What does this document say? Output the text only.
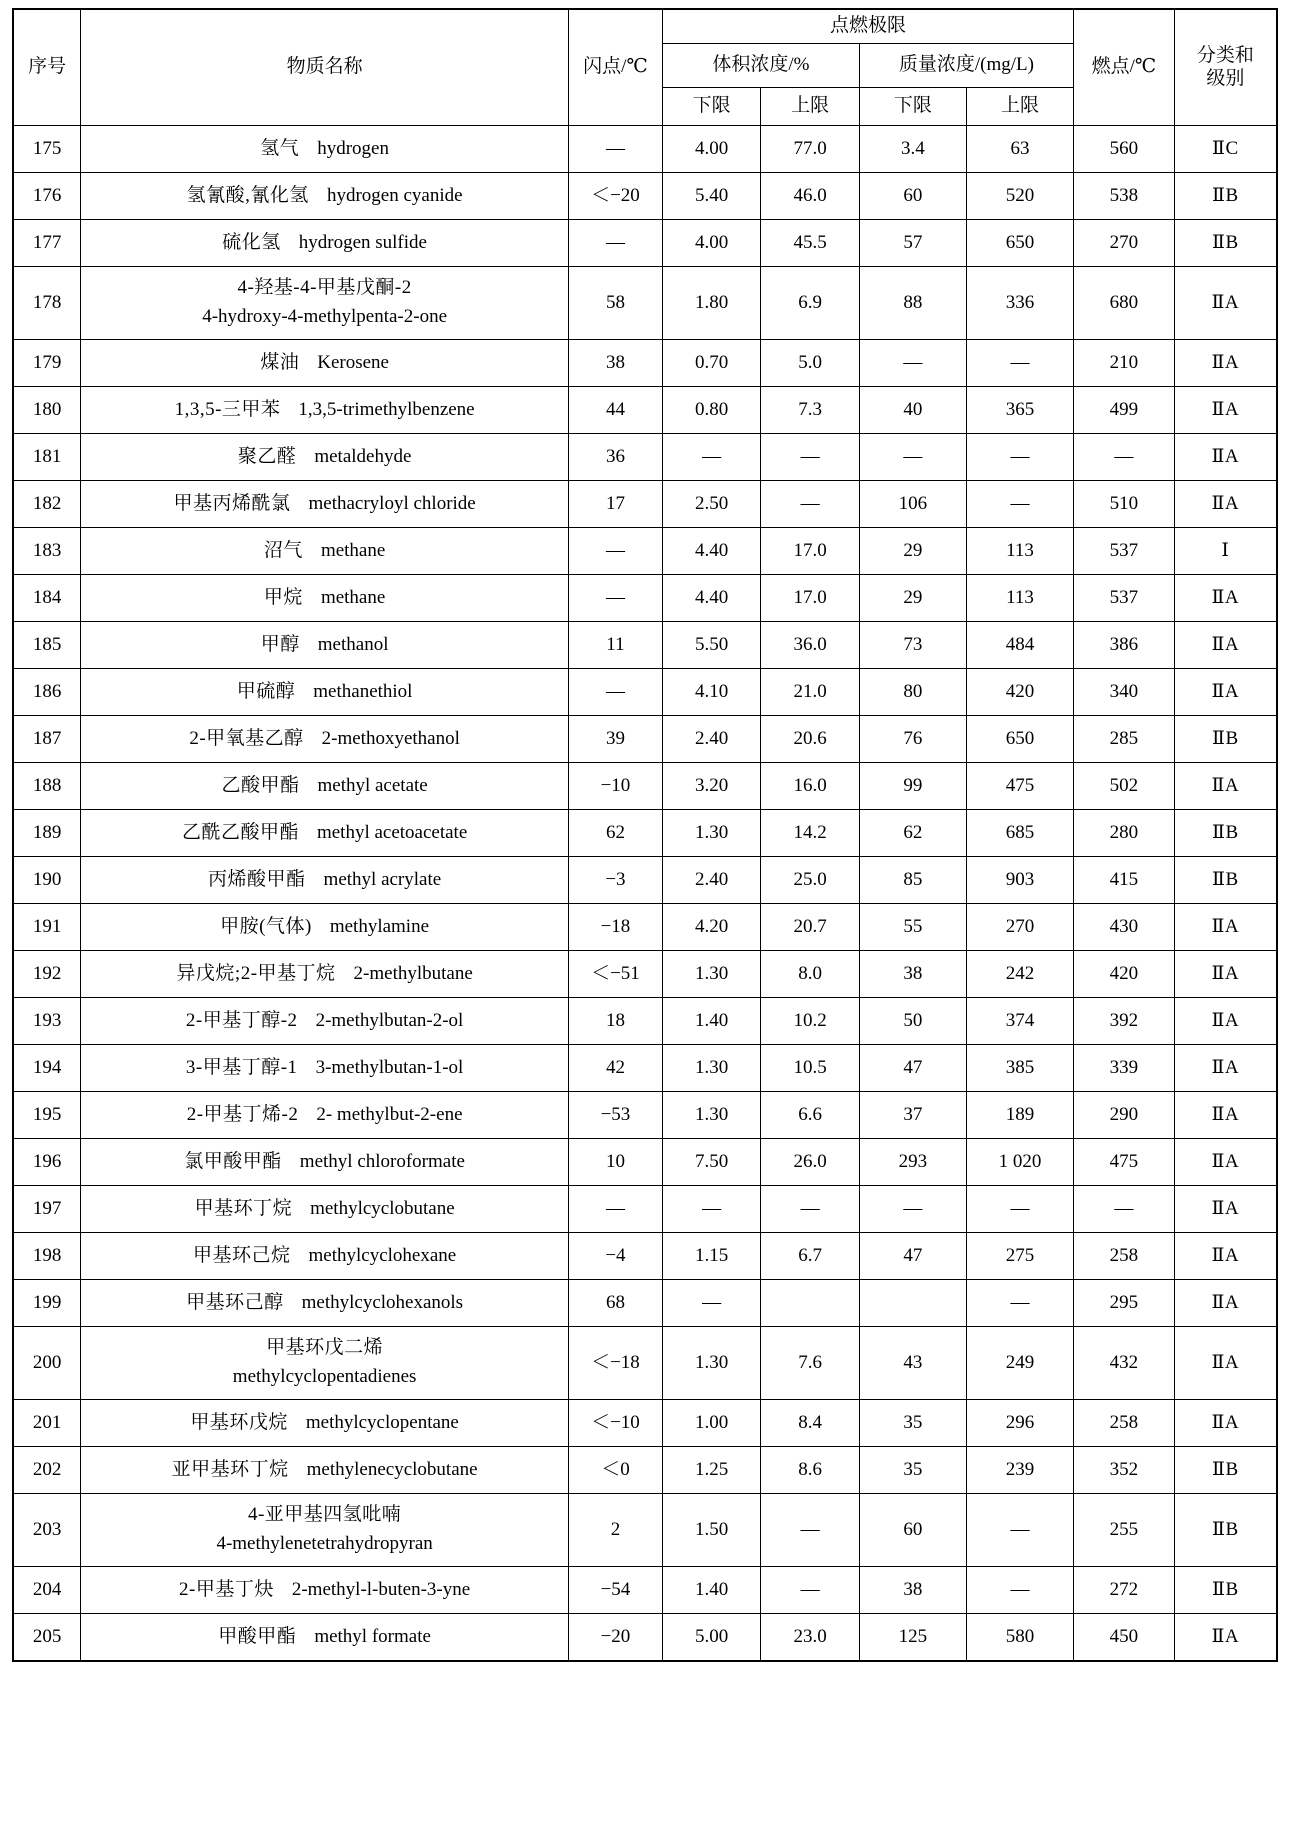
序号	物质名称	闪点/℃	点燃极限				燃点/℃	分类和
级别

			体积浓度/%		质量浓度/(mg/L)			
			下限	上限	下限	上限		
175	氢气 hydrogen	—	4.00	77.0	3.4	63	560	ⅡC
176	氢氰酸,氰化氢 hydrogen cyanide	＜−20	5.40	46.0	60	520	538	ⅡB
177	硫化氢 hydrogen sulfide	—	4.00	45.5	57	650	270	ⅡB
178	4-羟基-4-甲基戊酮-2
4-hydroxy-4-methylpenta-2-one	58	1.80	6.9	88	336	680	ⅡA
179	煤油 Kerosene	38	0.70	5.0	—	—	210	ⅡA
180	1,3,5-三甲苯 1,3,5-trimethylbenzene	44	0.80	7.3	40	365	499	ⅡA
181	聚乙醛 metaldehyde	36	—	—	—	—	—	ⅡA
182	甲基丙烯酰氯 methacryloyl chloride	17	2.50	—	106	—	510	ⅡA
183	沼气 methane	—	4.40	17.0	29	113	537	Ⅰ
184	甲烷 methane	—	4.40	17.0	29	113	537	ⅡA
185	甲醇 methanol	11	5.50	36.0	73	484	386	ⅡA
186	甲硫醇 methanethiol	—	4.10	21.0	80	420	340	ⅡA
187	2-甲氧基乙醇 2-methoxyethanol	39	2.40	20.6	76	650	285	ⅡB
188	乙酸甲酯 methyl acetate	−10	3.20	16.0	99	475	502	ⅡA
189	乙酰乙酸甲酯 methyl acetoacetate	62	1.30	14.2	62	685	280	ⅡB
190	丙烯酸甲酯 methyl acrylate	−3	2.40	25.0	85	903	415	ⅡB
191	甲胺(气体) methylamine	−18	4.20	20.7	55	270	430	ⅡA
192	异戊烷;2-甲基丁烷 2-methylbutane	＜−51	1.30	8.0	38	242	420	ⅡA
193	2-甲基丁醇-2 2-methylbutan-2-ol	18	1.40	10.2	50	374	392	ⅡA
194	3-甲基丁醇-1 3-methylbutan-1-ol	42	1.30	10.5	47	385	339	ⅡA
195	2-甲基丁烯-2 2- methylbut-2-ene	−53	1.30	6.6	37	189	290	ⅡA
196	氯甲酸甲酯 methyl chloroformate	10	7.50	26.0	293	1 020	475	ⅡA
197	甲基环丁烷 methylcyclobutane	—	—	—	—	—	—	ⅡA
198	甲基环己烷 methylcyclohexane	−4	1.15	6.7	47	275	258	ⅡA
199	甲基环己醇 methylcyclohexanols	68	—			—	295	ⅡA
200	甲基环戊二烯
methylcyclopentadienes	＜−18	1.30	7.6	43	249	432	ⅡA
201	甲基环戊烷 methylcyclopentane	＜−10	1.00	8.4	35	296	258	ⅡA
202	亚甲基环丁烷 methylenecyclobutane	＜0	1.25	8.6	35	239	352	ⅡB
203	4-亚甲基四氢吡喃
4-methylenetetrahydropyran	2	1.50	—	60	—	255	ⅡB
204	2-甲基丁炔 2-methyl-l-buten-3-yne	−54	1.40	—	38	—	272	ⅡB
205	甲酸甲酯 methyl formate	−20	5.00	23.0	125	580	450	ⅡA
